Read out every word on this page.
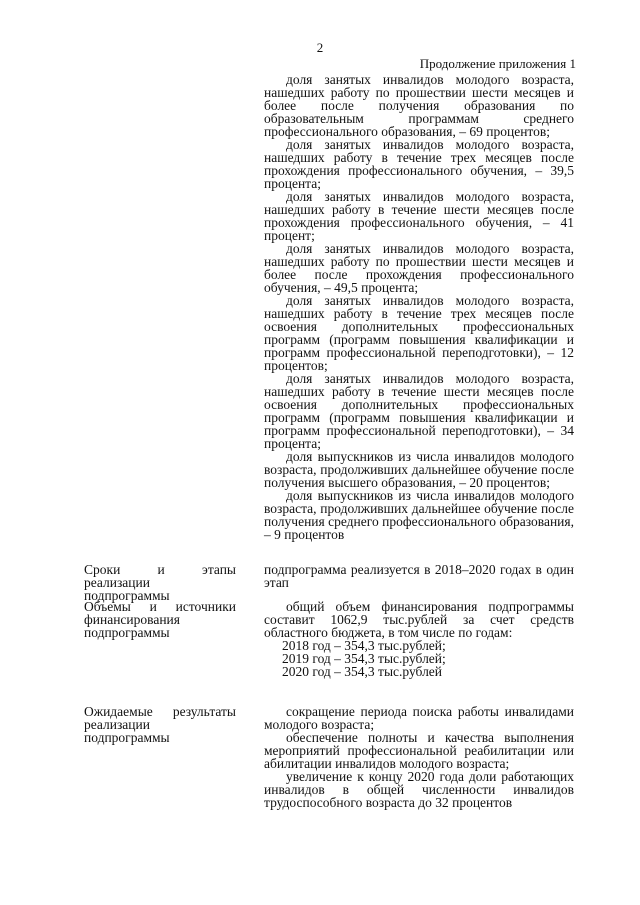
2
Продолжение приложения 1

доля занятых инвалидов молодого возраста, нашедших работу по прошествии шести месяцев и более после получения образования по образовательным программам среднего профессионального образования, – 69 процентов;

доля занятых инвалидов молодого возраста, нашедших работу в течение трех месяцев после прохождения профессионального обучения, – 39,5 процента;

доля занятых инвалидов молодого возраста, нашедших работу в течение шести месяцев после прохождения профессионального обучения, – 41 процент;

доля занятых инвалидов молодого возраста, нашедших работу по прошествии шести месяцев и более после прохождения профессионального обучения, – 49,5 процента;

доля занятых инвалидов молодого возраста, нашедших работу в течение трех месяцев после освоения дополнительных профессиональных программ (программ повышения квалификации и программ профессиональной переподготовки), – 12 процентов;

доля занятых инвалидов молодого возраста, нашедших работу в течение шести месяцев после освоения дополнительных профессиональных программ (программ повышения квалификации и программ профессиональной переподготовки), – 34 процента;

доля выпускников из числа инвалидов молодого возраста, продолживших дальнейшее обучение после получения высшего образования, – 20 процентов;

доля выпускников из числа инвалидов молодого возраста, продолживших дальнейшее обучение после получения среднего профессионального образования, – 9 процентов

Сроки и этапы реализации подпрограммы

подпрограмма реализуется в 2018–2020 годах в один этап

Объемы и источники финансирования подпрограммы

общий объем финансирования подпрограммы составит 1062,9 тыс.рублей за счет средств областного бюджета, в том числе по годам:

2018 год – 354,3 тыс.рублей;

2019 год – 354,3 тыс.рублей;

2020 год – 354,3 тыс.рублей

Ожидаемые результаты реализации подпрограммы

сокращение периода поиска работы инвалидами молодого возраста;

обеспечение полноты и качества выполнения мероприятий профессиональной реабилитации или абилитации инвалидов молодого возраста;

увеличение к концу 2020 года доли работающих инвалидов в общей численности инвалидов трудоспособного возраста до 32 процентов
